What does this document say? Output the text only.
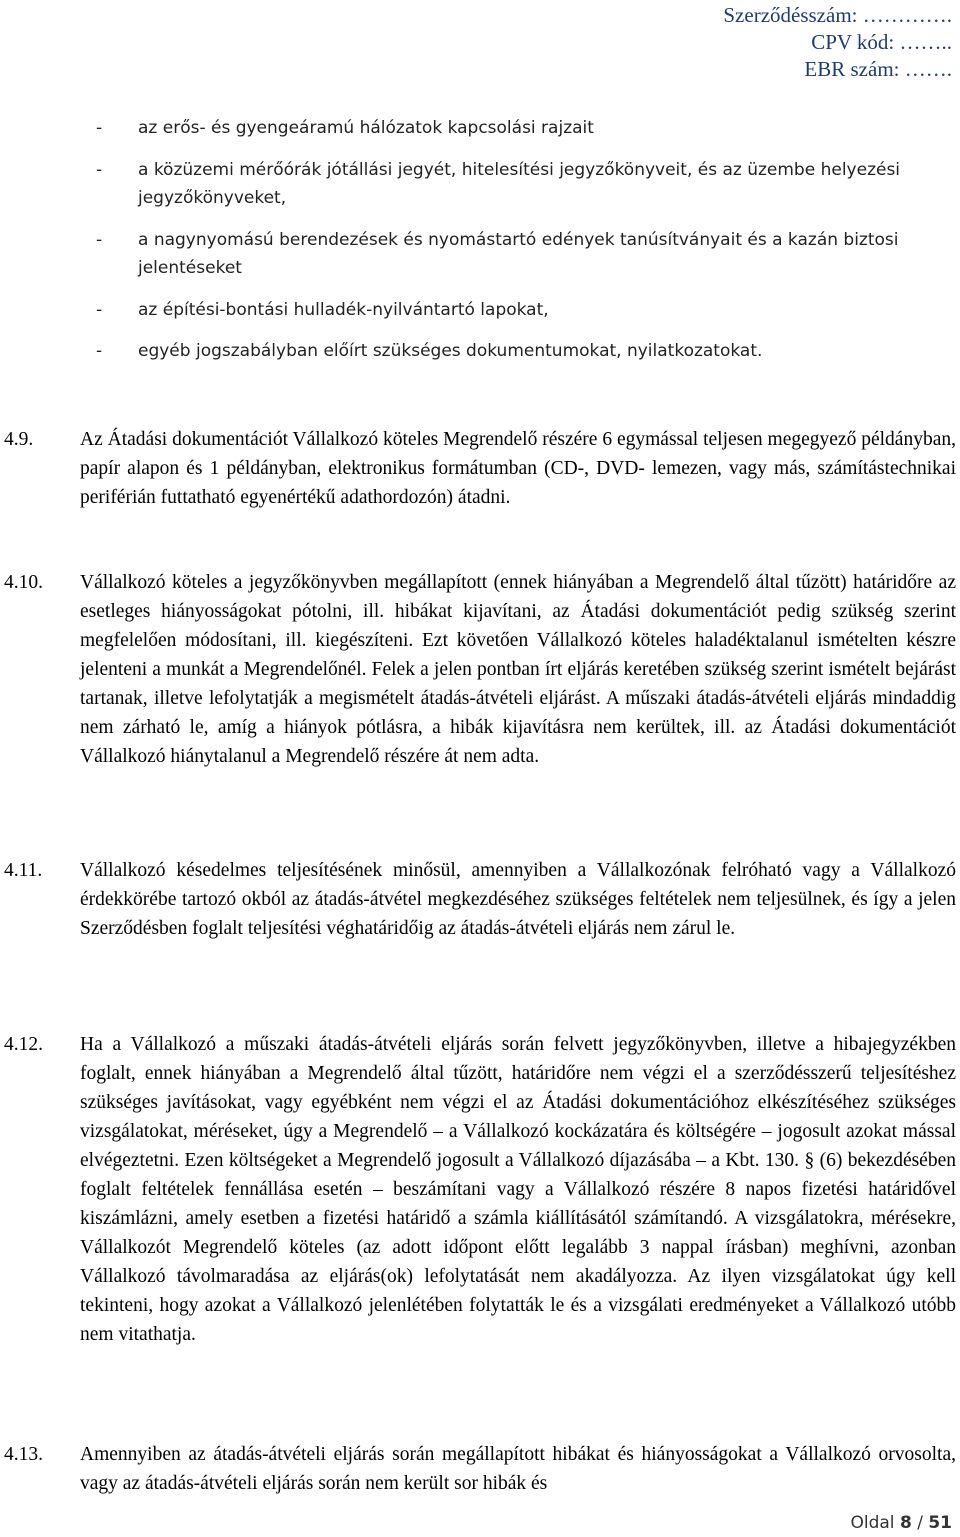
Szerződésszám: ………….
CPV kód: ……..
EBR szám: …….
- az erős- és gyengeáramú hálózatok kapcsolási rajzait
- a közüzemi mérőórák jótállási jegyét, hitelesítési jegyzőkönyveit, és az üzembe helyezési jegyzőkönyveket,
- a nagynyomású berendezések és nyomástartó edények tanúsítványait és a kazán biztosi jelentéseket
- az építési-bontási hulladék-nyilvántartó lapokat,
- egyéb jogszabályban előírt szükséges dokumentumokat, nyilatkozatokat.
4.9. Az Átadási dokumentációt Vállalkozó köteles Megrendelő részére 6 egymással teljesen megegyező példányban, papír alapon és 1 példányban, elektronikus formátumban (CD-, DVD- lemezen, vagy más, számítástechnikai periférián futtatható egyenértékű adathordozón) átadni.
4.10. Vállalkozó köteles a jegyzőkönyvben megállapított (ennek hiányában a Megrendelő által tűzött) határidőre az esetleges hiányosságokat pótolni, ill. hibákat kijavítani, az Átadási dokumentációt pedig szükség szerint megfelelően módosítani, ill. kiegészíteni. Ezt követően Vállalkozó köteles haladéktalanul ismételten készre jelenteni a munkát a Megrendelőnél. Felek a jelen pontban írt eljárás keretében szükség szerint ismételt bejárást tartanak, illetve lefolytatják a megismételt átadás-átvételi eljárást. A műszaki átadás-átvételi eljárás mindaddig nem zárható le, amíg a hiányok pótlásra, a hibák kijavításra nem kerültek, ill. az Átadási dokumentációt Vállalkozó hiánytalanul a Megrendelő részére át nem adta.
4.11. Vállalkozó késedelmes teljesítésének minősül, amennyiben a Vállalkozónak felróható vagy a Vállalkozó érdekkörébe tartozó okból az átadás-átvétel megkezdéséhez szükséges feltételek nem teljesülnek, és így a jelen Szerződésben foglalt teljesítési véghatáridőig az átadás-átvételi eljárás nem zárul le.
4.12. Ha a Vállalkozó a műszaki átadás-átvételi eljárás során felvett jegyzőkönyvben, illetve a hibajegyzékben foglalt, ennek hiányában a Megrendelő által tűzött, határidőre nem végzi el a szerződésszerű teljesítéshez szükséges javításokat, vagy egyébként nem végzi el az Átadási dokumentációhoz elkészítéséhez szükséges vizsgálatokat, méréseket, úgy a Megrendelő – a Vállalkozó kockázatára és költségére – jogosult azokat mással elvégeztetni. Ezen költségeket a Megrendelő jogosult a Vállalkozó díjazásába – a Kbt. 130. § (6) bekezdésében foglalt feltételek fennállása esetén – beszámítani vagy a Vállalkozó részére 8 napos fizetési határidővel kiszámlázni, amely esetben a fizetési határidő a számla kiállításától számítandó. A vizsgálatokra, mérésekre, Vállalkozót Megrendelő köteles (az adott időpont előtt legalább 3 nappal írásban) meghívni, azonban Vállalkozó távolmaradása az eljárás(ok) lefolytatását nem akadályozza. Az ilyen vizsgálatokat úgy kell tekinteni, hogy azokat a Vállalkozó jelenlétében folytatták le és a vizsgálati eredményeket a Vállalkozó utóbb nem vitathatja.
4.13. Amennyiben az átadás-átvételi eljárás során megállapított hibákat és hiányosságokat a Vállalkozó orvosolta, vagy az átadás-átvételi eljárás során nem került sor hibák és
Oldal 8 / 51
